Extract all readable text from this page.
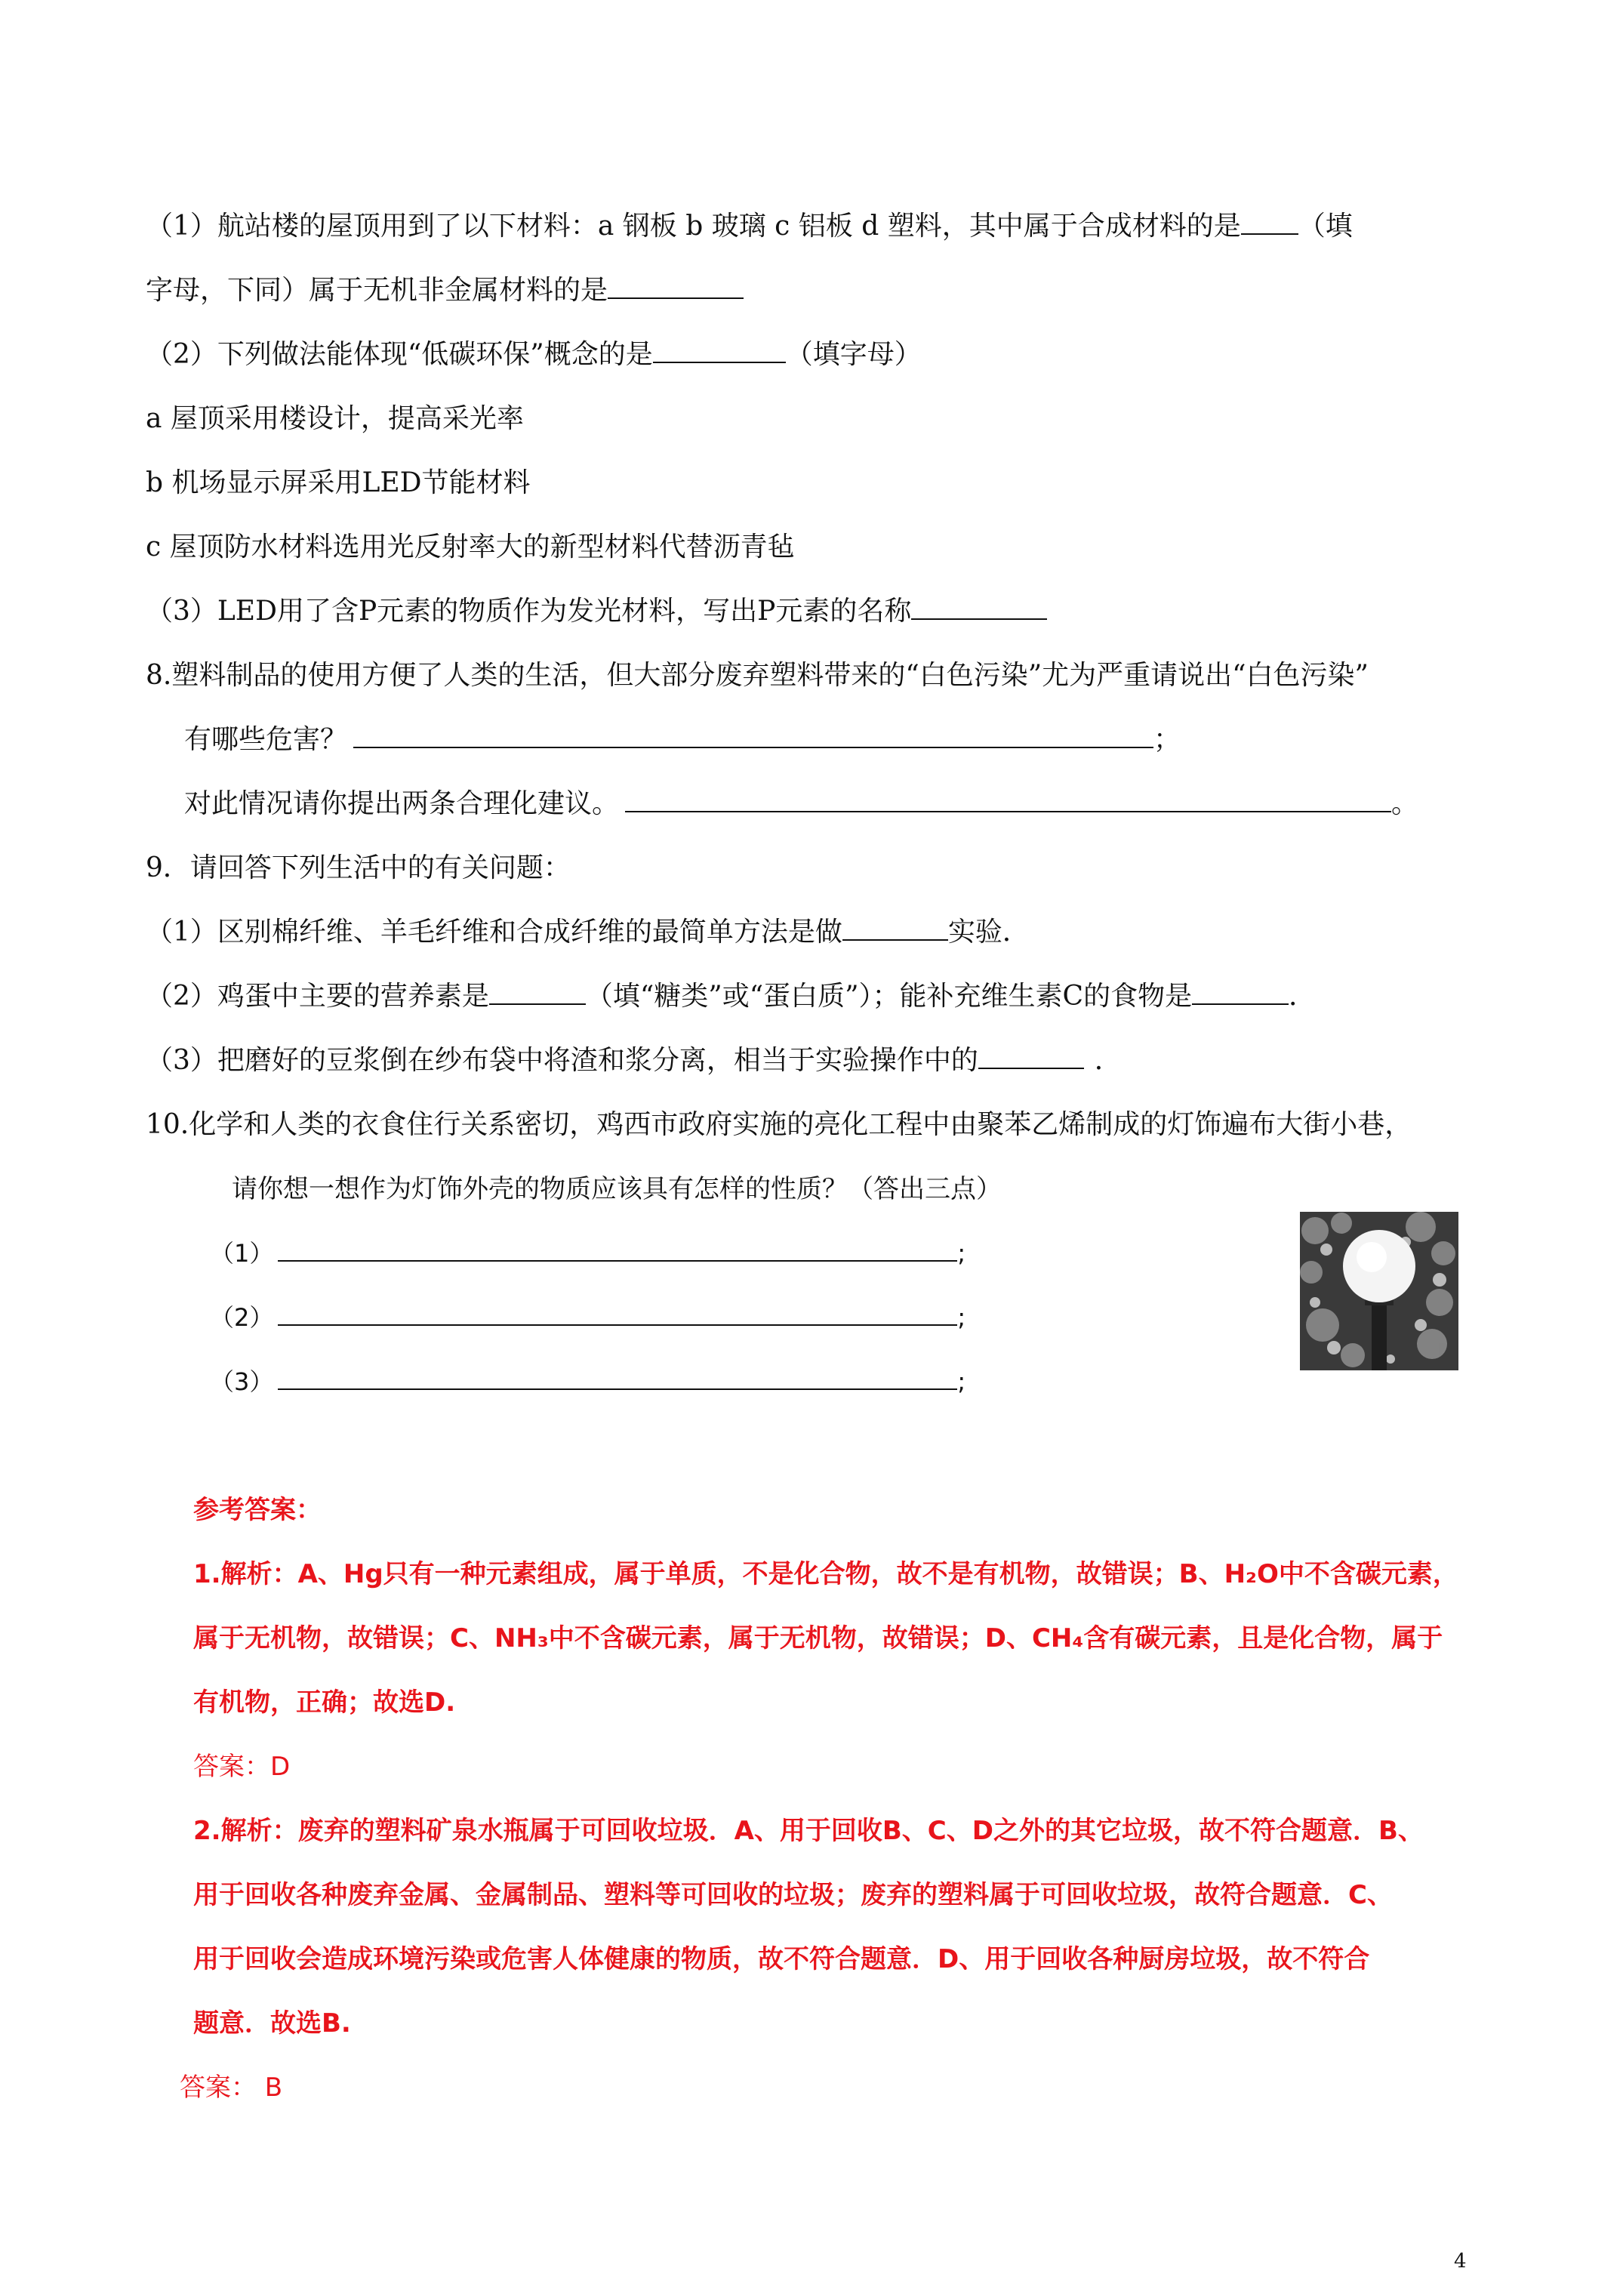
（1）航站楼的屋顶用到了以下材料：a 钢板 b 玻璃 c 铝板 d 塑料，其中属于合成材料的是 （填
字母，下同）属于无机非金属材料的是
（2）下列做法能体现“低碳环保”概念的是	（填字母）
a 屋顶采用楼设计，提高采光率
b 机场显示屏采用LED节能材料
c 屋顶防水材料选用光反射率大的新型材料代替沥青毡
（3）LED用了含P元素的物质作为发光材料，写出P元素的名称
8.塑料制品的使用方便了人类的生活，但大部分废弃塑料带来的“白色污染”尤为严重请说出“白色污染”
有哪些危害？	；
对此情况请你提出两条合理化建议。	。
9．请回答下列生活中的有关问题：
（1）区别棉纤维、羊毛纤维和合成纤维的最简单方法是做	实验．
（2）鸡蛋中主要的营养素是	（填“糖类”或“蛋白质”）；能补充维生素C的食物是	．
（3）把磨好的豆浆倒在纱布袋中将渣和浆分离，相当于实验操作中的	．
10.化学和人类的衣食住行关系密切，鸡西市政府实施的亮化工程中由聚苯乙烯制成的灯饰遍布大街小巷，
请你想一想作为灯饰外壳的物质应该具有怎样的性质？（答出三点）
（1）	;
（2）	;
（3）	;
参考答案：
1.解析：A、Hg只有一种元素组成，属于单质，不是化合物，故不是有机物，故错误；B、H₂O中不含碳元素，
属于无机物，故错误；C、NH₃中不含碳元素，属于无机物，故错误；D、CH₄含有碳元素，且是化合物，属于
有机物，正确；故选D.
答案：D
2.解析：废弃的塑料矿泉水瓶属于可回收垃圾．A、用于回收B、C、D之外的其它垃圾，故不符合题意．B、
用于回收各种废弃金属、金属制品、塑料等可回收的垃圾；废弃的塑料属于可回收垃圾，故符合题意．C、
用于回收会造成环境污染或危害人体健康的物质，故不符合题意．D、用于回收各种厨房垃圾，故不符合
题意．故选B.
答案： B
4
